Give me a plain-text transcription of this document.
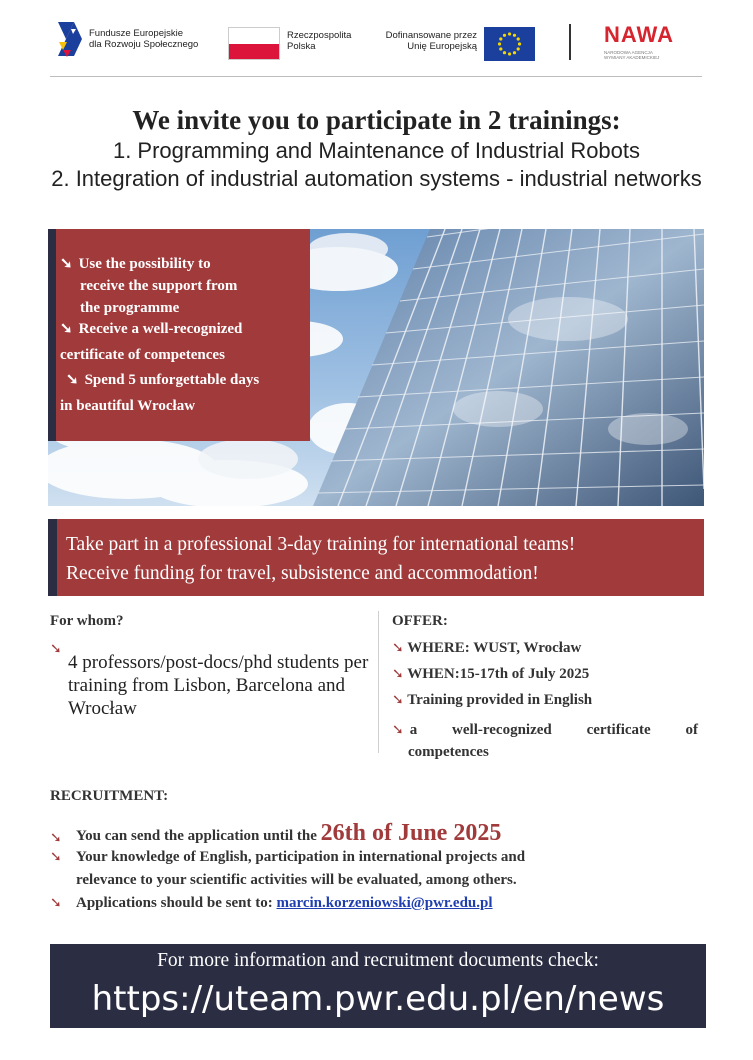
Fundusze Europejskie
dla Rozwoju Społecznego
Rzeczpospolita
Polska
Dofinansowane przez
Unię Europejską	NAWA
NARODOWA AGENCJA
WYMIANY AKADEMICKIEJ
We invite you to participate in 2 trainings:
1. Programming and Maintenance of Industrial Robots
2. Integration of industrial automation systems - industrial networks
➘ Use the possibility to
receive the support from
the programme
➘ Receive a well-recognized
certificate of competences
➘ Spend 5 unforgettable days
in beautiful Wrocław
Take part in a professional 3-day training for international teams!
Receive funding for travel, subsistence and accommodation!
For whom?
➘
4 professors/post-docs/phd students per training from Lisbon, Barcelona and Wrocław
OFFER:
➘ WHERE: WUST, Wrocław
➘ WHEN:15-17th of July 2025
➘ Training provided in English
➘ a well-recognized certificate of
competences
RECRUITMENT:
➘ You can send the application until the 26th of June 2025
➘ Your knowledge of English, participation in international projects and
relevance to your scientific activities will be evaluated, among others.
➘ Applications should be sent to: marcin.korzeniowski@pwr.edu.pl
For more information and recruitment documents check:
https://uteam.pwr.edu.pl/en/news
